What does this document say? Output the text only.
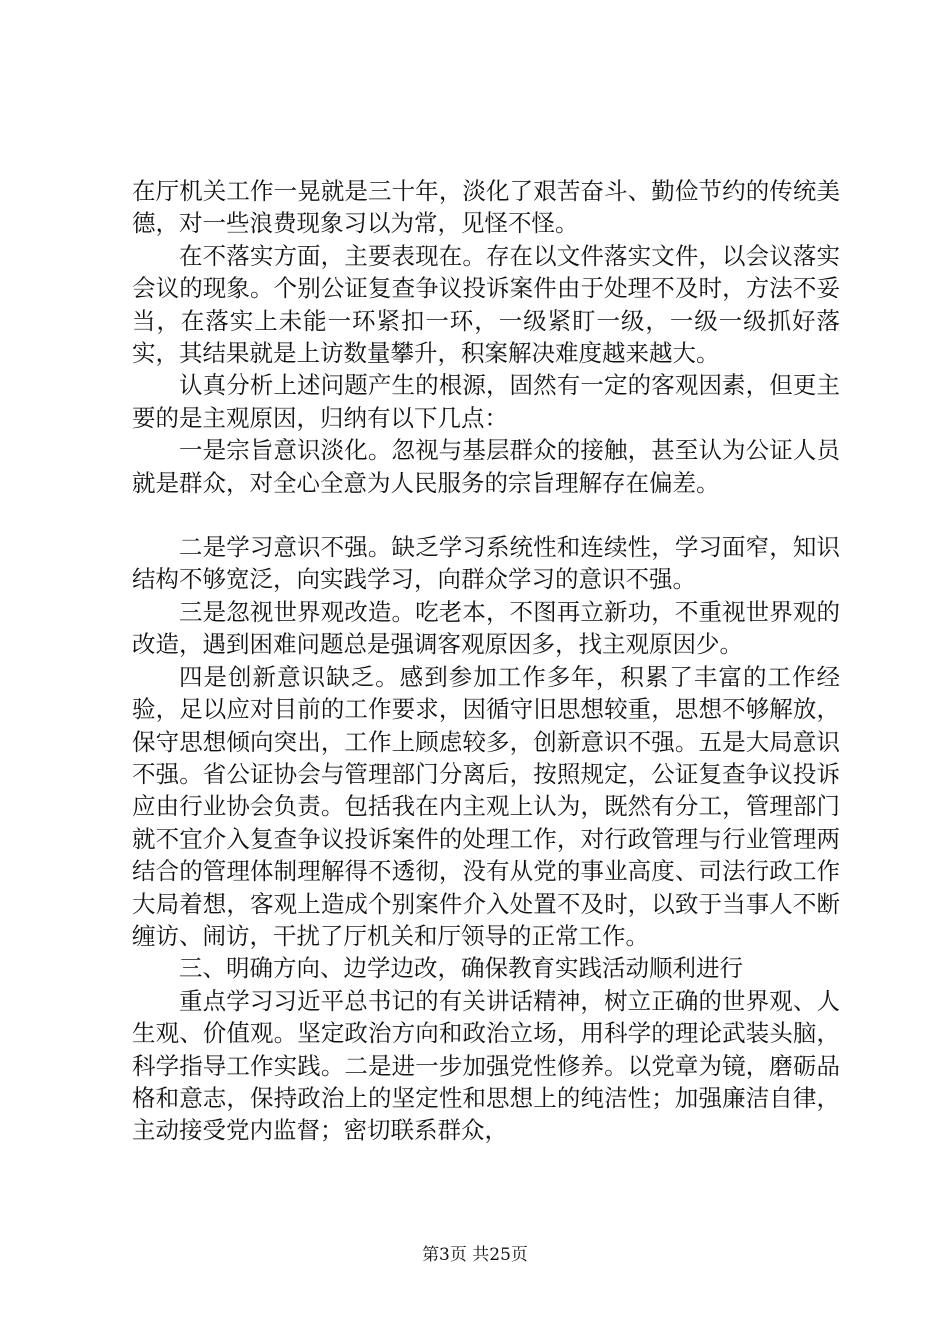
在厅机关工作一晃就是三十年，淡化了艰苦奋斗、勤俭节约的传统美德，对一些浪费现象习以为常，见怪不怪。

在不落实方面，主要表现在。存在以文件落实文件，以会议落实会议的现象。个别公证复查争议投诉案件由于处理不及时，方法不妥当，在落实上未能一环紧扣一环，一级紧盯一级，一级一级抓好落实，其结果就是上访数量攀升，积案解决难度越来越大。

认真分析上述问题产生的根源，固然有一定的客观因素，但更主要的是主观原因，归纳有以下几点：

一是宗旨意识淡化。忽视与基层群众的接触，甚至认为公证人员就是群众，对全心全意为人民服务的宗旨理解存在偏差。

二是学习意识不强。缺乏学习系统性和连续性，学习面窄，知识结构不够宽泛，向实践学习，向群众学习的意识不强。

三是忽视世界观改造。吃老本，不图再立新功，不重视世界观的改造，遇到困难问题总是强调客观原因多，找主观原因少。

四是创新意识缺乏。感到参加工作多年，积累了丰富的工作经验，足以应对目前的工作要求，因循守旧思想较重，思想不够解放，保守思想倾向突出，工作上顾虑较多，创新意识不强。五是大局意识不强。省公证协会与管理部门分离后，按照规定，公证复查争议投诉应由行业协会负责。包括我在内主观上认为，既然有分工，管理部门就不宜介入复查争议投诉案件的处理工作，对行政管理与行业管理两结合的管理体制理解得不透彻，没有从党的事业高度、司法行政工作大局着想，客观上造成个别案件介入处置不及时，以致于当事人不断缠访、闹访，干扰了厅机关和厅领导的正常工作。

三、明确方向、边学边改，确保教育实践活动顺利进行

重点学习习近平总书记的有关讲话精神，树立正确的世界观、人生观、价值观。坚定政治方向和政治立场，用科学的理论武装头脑，科学指导工作实践。二是进一步加强党性修养。以党章为镜，磨砺品格和意志，保持政治上的坚定性和思想上的纯洁性；加强廉洁自律，主动接受党内监督；密切联系群众，

第3页 共25页
